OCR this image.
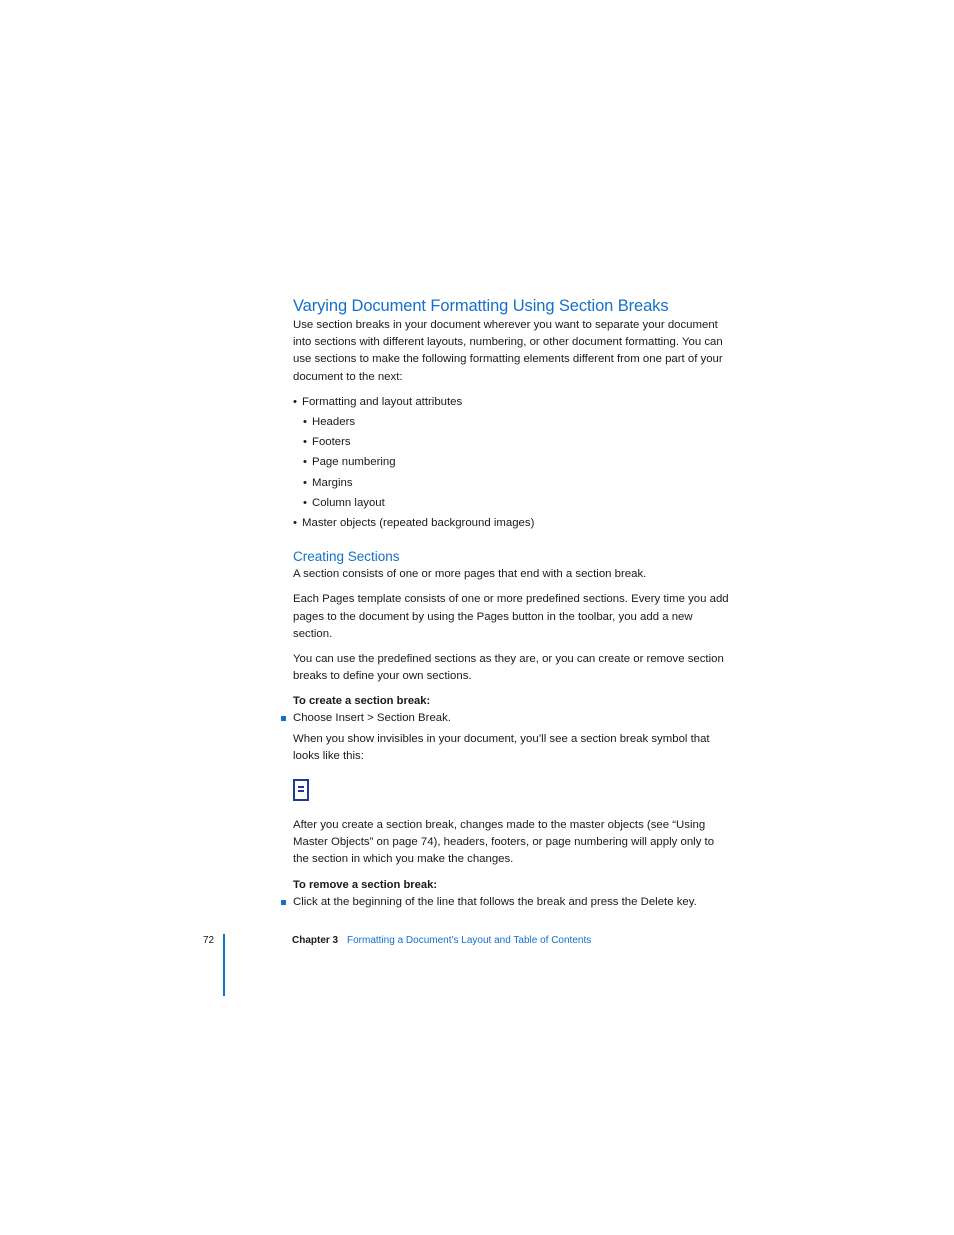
Varying Document Formatting Using Section Breaks

Use section breaks in your document wherever you want to separate your document into sections with different layouts, numbering, or other document formatting. You can use sections to make the following formatting elements different from one part of your document to the next:

• Formatting and layout attributes
• Headers
• Footers
• Page numbering
• Margins
• Column layout
• Master objects (repeated background images)
Creating Sections

A section consists of one or more pages that end with a section break.

Each Pages template consists of one or more predefined sections. Every time you add pages to the document by using the Pages button in the toolbar, you add a new section.

You can use the predefined sections as they are, or you can create or remove section breaks to define your own sections.

To create a section break:
Choose Insert > Section Break.

When you show invisibles in your document, you’ll see a section break symbol that looks like this:

After you create a section break, changes made to the master objects (see “Using Master Objects” on page 74), headers, footers, or page numbering will apply only to the section in which you make the changes.

To remove a section break:
Click at the beginning of the line that follows the break and press the Delete key.
72	Chapter 3 Formatting a Document’s Layout and Table of Contents
